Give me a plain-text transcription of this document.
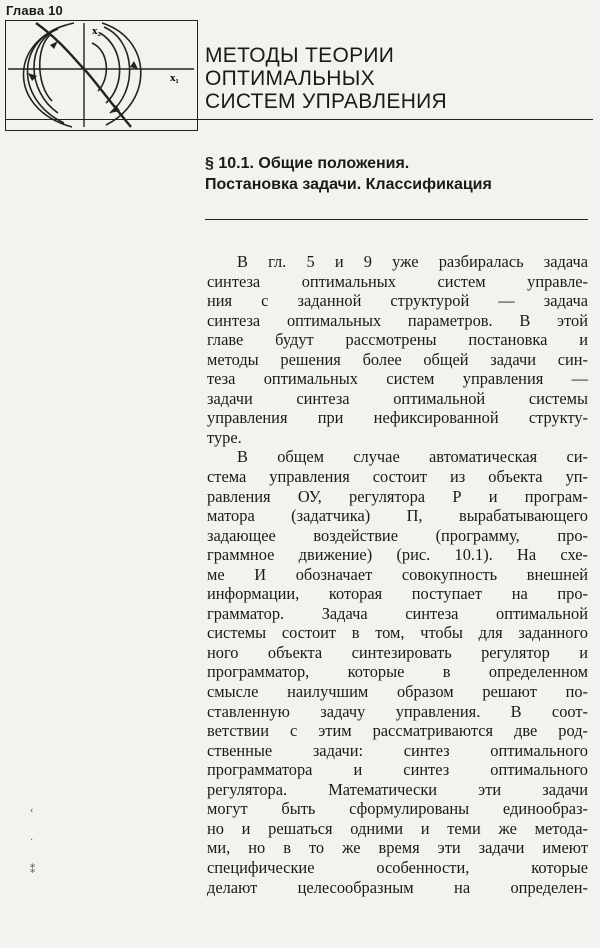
Глава 10
x₂
x₁
МЕТОДЫ ТЕОРИИ
ОПТИМАЛЬНЫХ
СИСТЕМ УПРАВЛЕНИЯ
§ 10.1. Общие положения.
Постановка задачи. Классификация
В гл. 5 и 9 уже разбиралась задача
синтеза оптимальных систем управле-
ния с заданной структурой — задача
синтеза оптимальных параметров. В этой
главе будут рассмотрены постановка и
методы решения более общей задачи син-
теза оптимальных систем управления —
задачи синтеза оптимальной системы
управления при нефиксированной структу-
туре.
В общем случае автоматическая си-
стема управления состоит из объекта уп-
равления ОУ, регулятора Р и програм-
матора (задатчика) П, вырабатывающего
задающее воздействие (программу, про-
граммное движение) (рис. 10.1). На схе-
ме И обозначает совокупность внешней
информации, которая поступает на про-
грамматор. Задача синтеза оптимальной
системы состоит в том, чтобы для заданного
ного объекта синтезировать регулятор и
программатор, которые в определенном
смысле наилучшим образом решают по-
ставленную задачу управления. В соот-
ветствии с этим рассматриваются две род-
ственные задачи: синтез оптимального
программатора и синтез оптимального
регулятора. Математически эти задачи
могут быть сформулированы единообраз-
но и решаться одними и теми же метода-
ми, но в то же время эти задачи имеют
специфические особенности, которые
делают целесообразным на определен-
‹
·
⁑
